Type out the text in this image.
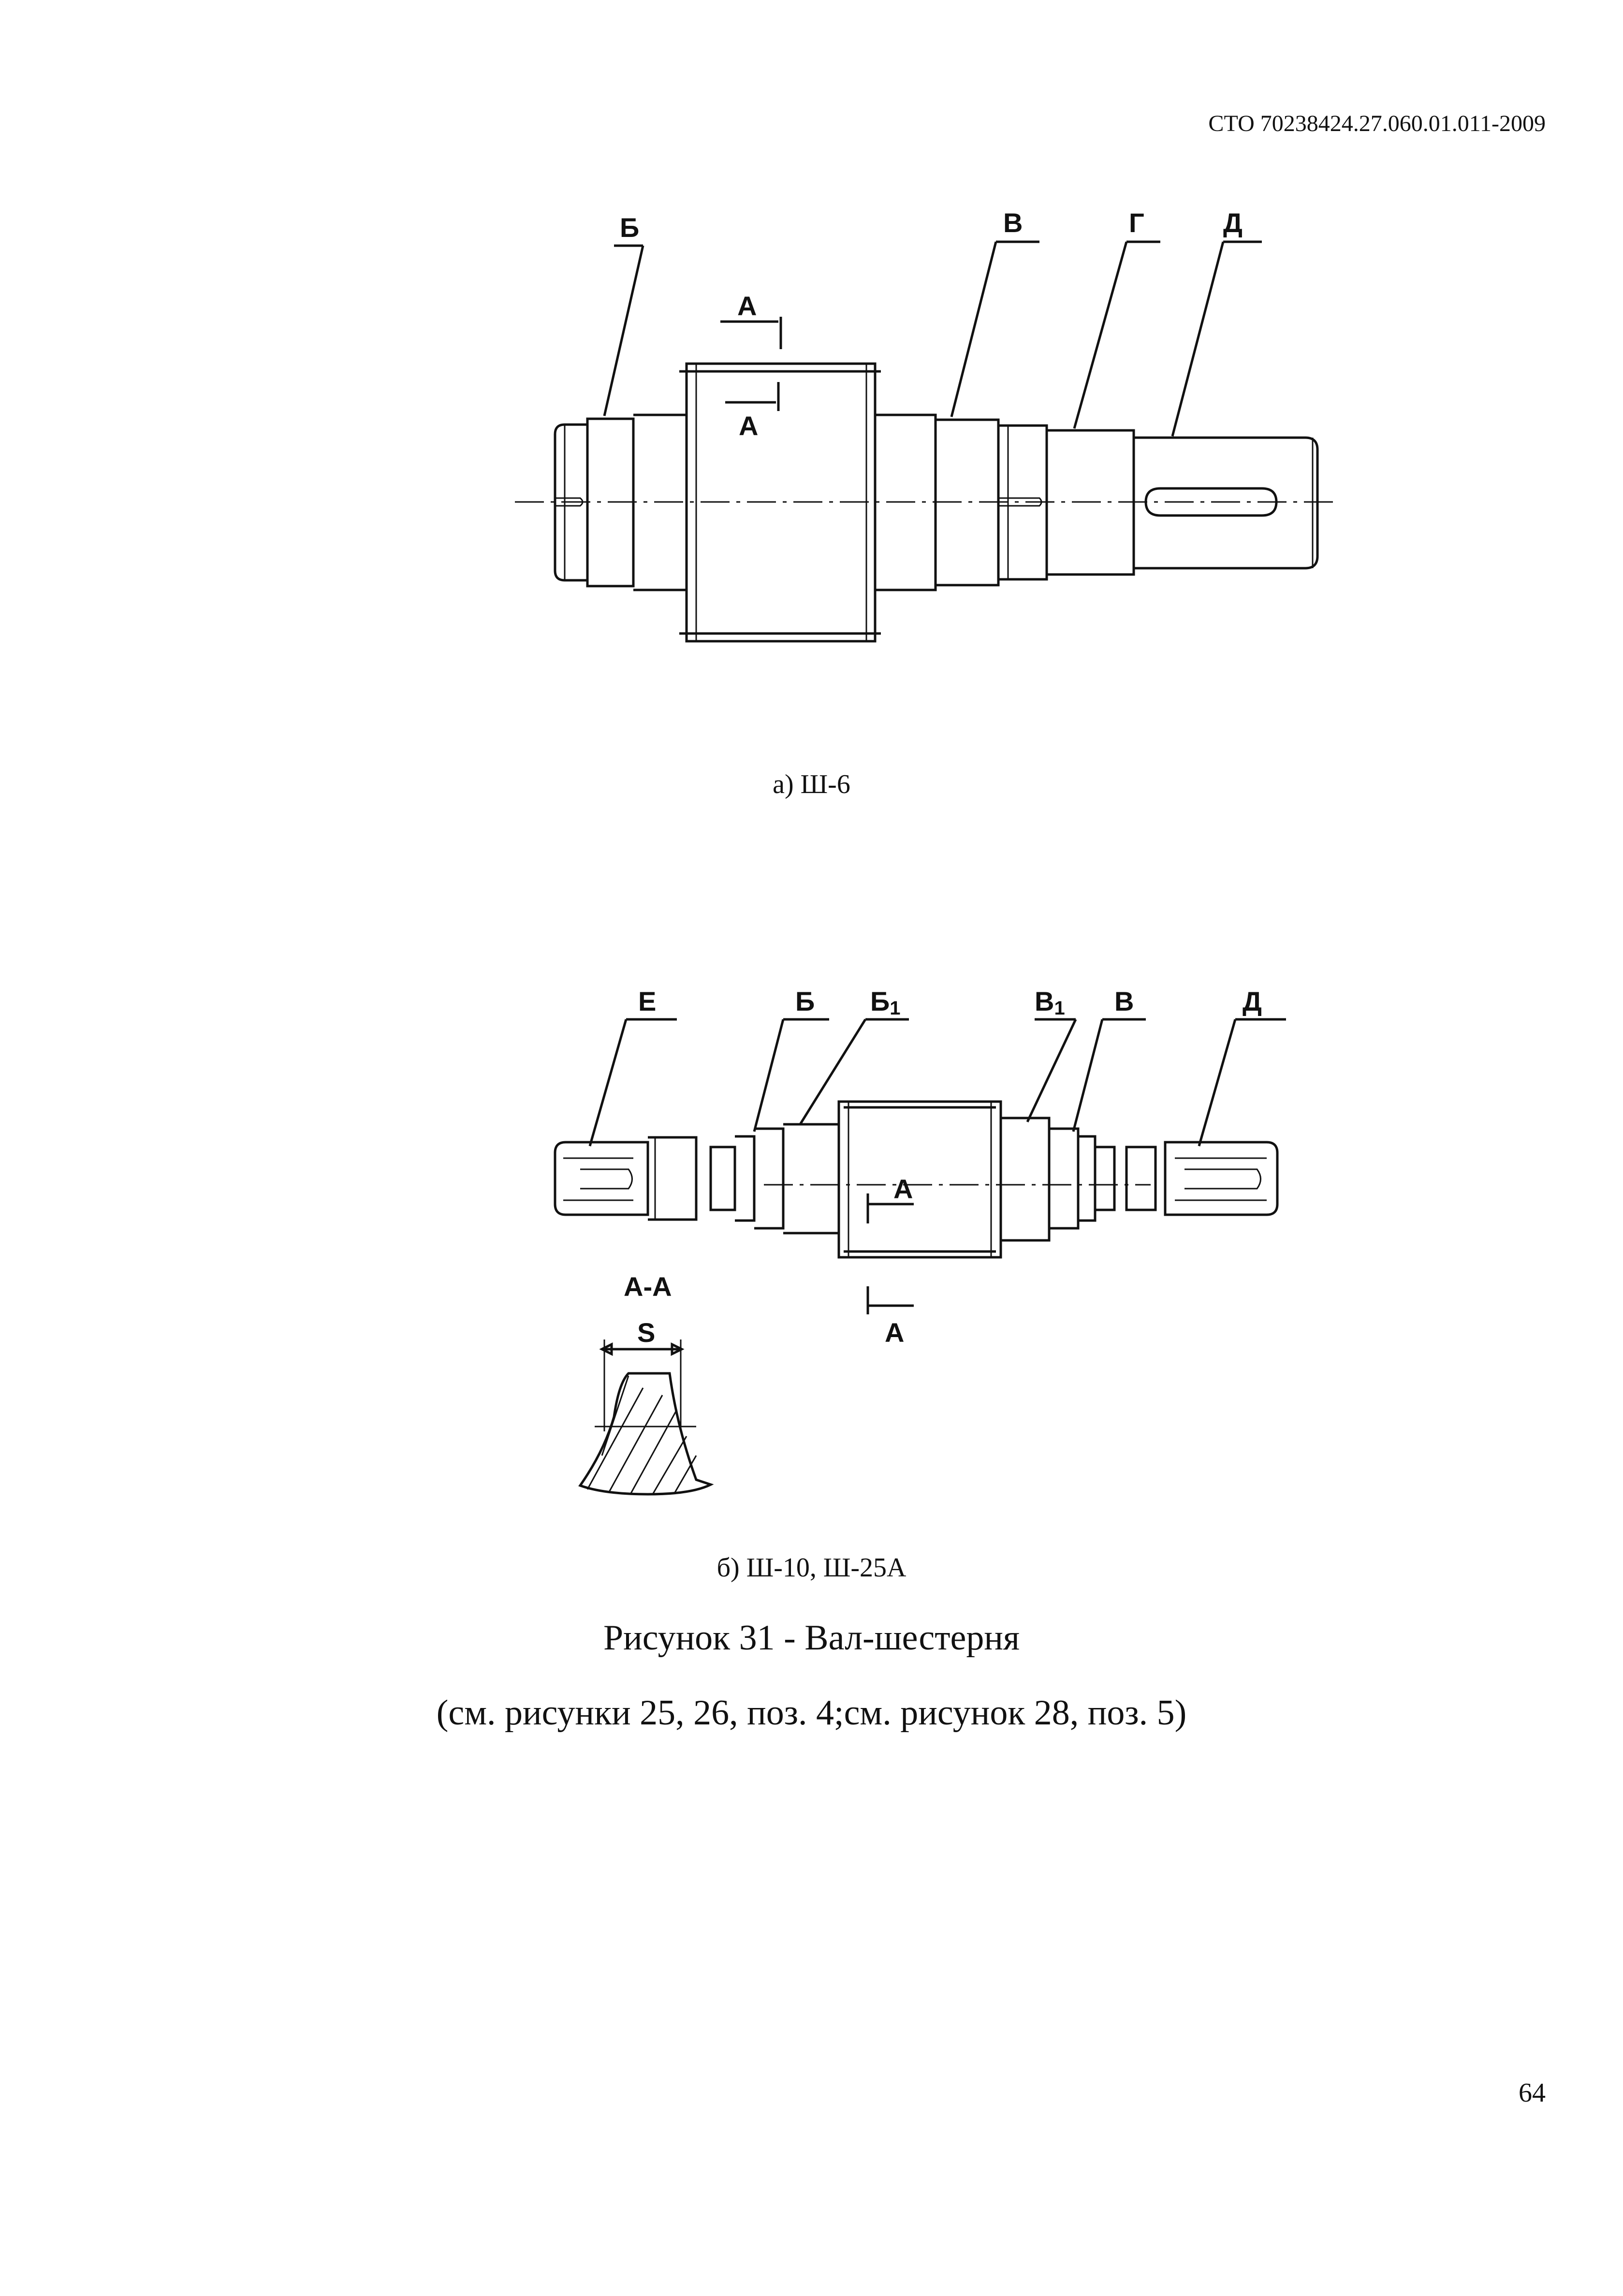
СТО 70238424.27.060.01.011-2009
А
А
Б	В	Г	Д
А
А
Е	Б Б1	В1 В	Д
А-А
S
а) Ш-6
б) Ш-10, Ш-25А
Рисунок 31 - Вал-шестерня
(см. рисунки 25, 26, поз. 4;см. рисунок 28, поз. 5)
64
